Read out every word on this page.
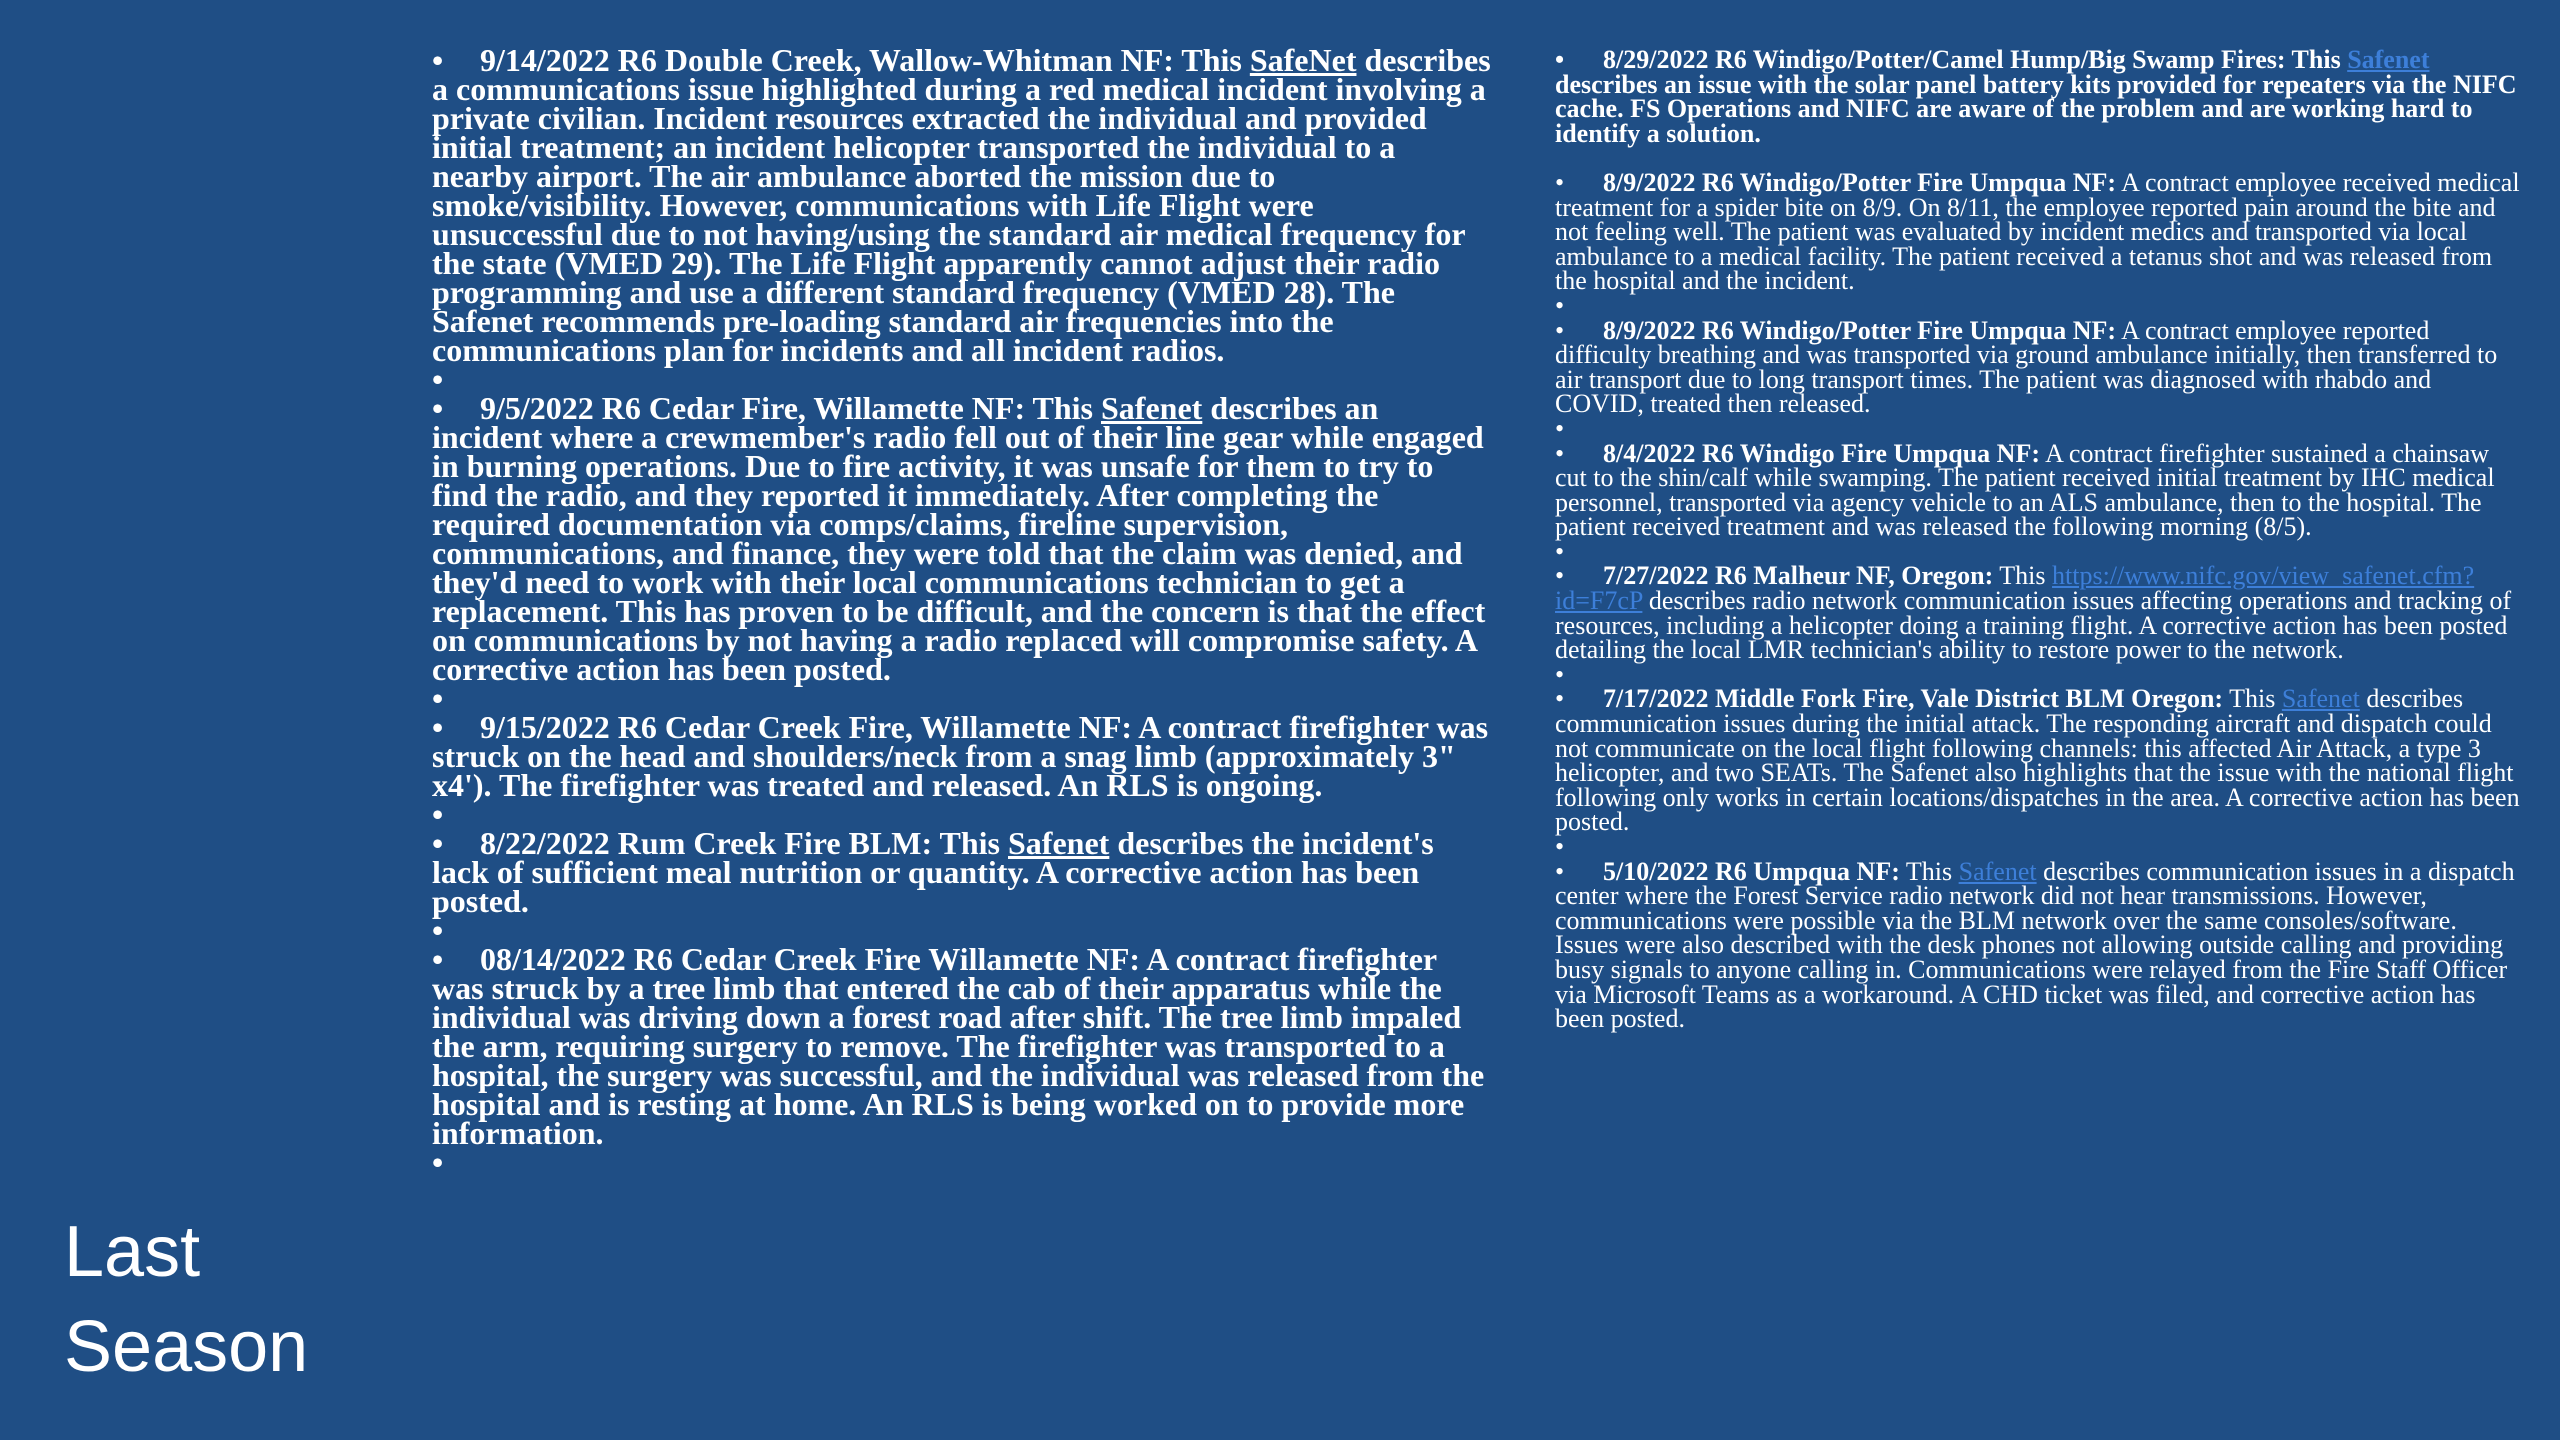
Last
Season

• 9/14/2022 R6 Double Creek, Wallow-Whitman NF: This SafeNet describes a communications issue highlighted during a red medical incident involving a private civilian. Incident resources extracted the individual and provided initial treatment; an incident helicopter transported the individual to a nearby airport. The air ambulance aborted the mission due to smoke/visibility. However, communications with Life Flight were unsuccessful due to not having/using the standard air medical frequency for the state (VMED 29). The Life Flight apparently cannot adjust their radio programming and use a different standard frequency (VMED 28). The Safenet recommends pre-loading standard air frequencies into the communications plan for incidents and all incident radios.

•

• 9/5/2022 R6 Cedar Fire, Willamette NF: This Safenet describes an incident where a crewmember's radio fell out of their line gear while engaged in burning operations. Due to fire activity, it was unsafe for them to try to find the radio, and they reported it immediately. After completing the required documentation via comps/claims, fireline supervision, communications, and finance, they were told that the claim was denied, and they'd need to work with their local communications technician to get a replacement. This has proven to be difficult, and the concern is that the effect on communications by not having a radio replaced will compromise safety. A corrective action has been posted.

•

• 9/15/2022 R6 Cedar Creek Fire, Willamette NF: A contract firefighter was struck on the head and shoulders/neck from a snag limb (approximately 3" x4'). The firefighter was treated and released. An RLS is ongoing.

•

• 8/22/2022 Rum Creek Fire BLM: This Safenet describes the incident's lack of sufficient meal nutrition or quantity. A corrective action has been posted.

•

• 08/14/2022 R6 Cedar Creek Fire Willamette NF: A contract firefighter was struck by a tree limb that entered the cab of their apparatus while the individual was driving down a forest road after shift. The tree limb impaled the arm, requiring surgery to remove. The firefighter was transported to a hospital, the surgery was successful, and the individual was released from the hospital and is resting at home. An RLS is being worked on to provide more information.

•

• 8/29/2022 R6 Windigo/Potter/Camel Hump/Big Swamp Fires: This Safenet describes an issue with the solar panel battery kits provided for repeaters via the NIFC cache. FS Operations and NIFC are aware of the problem and are working hard to identify a solution.

• 8/9/2022 R6 Windigo/Potter Fire Umpqua NF: A contract employee received medical treatment for a spider bite on 8/9. On 8/11, the employee reported pain around the bite and not feeling well. The patient was evaluated by incident medics and transported via local ambulance to a medical facility. The patient received a tetanus shot and was released from the hospital and the incident.

•

• 8/9/2022 R6 Windigo/Potter Fire Umpqua NF: A contract employee reported difficulty breathing and was transported via ground ambulance initially, then transferred to air transport due to long transport times. The patient was diagnosed with rhabdo and COVID, treated then released.

•

• 8/4/2022 R6 Windigo Fire Umpqua NF: A contract firefighter sustained a chainsaw cut to the shin/calf while swamping. The patient received initial treatment by IHC medical personnel, transported via agency vehicle to an ALS ambulance, then to the hospital. The patient received treatment and was released the following morning (8/5).

•

• 7/27/2022 R6 Malheur NF, Oregon: This https://www.nifc.gov/view_safenet.cfm?id=F7cP describes radio network communication issues affecting operations and tracking of resources, including a helicopter doing a training flight. A corrective action has been posted detailing the local LMR technician's ability to restore power to the network.

•

• 7/17/2022 Middle Fork Fire, Vale District BLM Oregon: This Safenet describes communication issues during the initial attack. The responding aircraft and dispatch could not communicate on the local flight following channels: this affected Air Attack, a type 3 helicopter, and two SEATs. The Safenet also highlights that the issue with the national flight following only works in certain locations/dispatches in the area. A corrective action has been posted.

•

• 5/10/2022 R6 Umpqua NF: This Safenet describes communication issues in a dispatch center where the Forest Service radio network did not hear transmissions. However, communications were possible via the BLM network over the same consoles/software. Issues were also described with the desk phones not allowing outside calling and providing busy signals to anyone calling in. Communications were relayed from the Fire Staff Officer via Microsoft Teams as a workaround. A CHD ticket was filed, and corrective action has been posted.
